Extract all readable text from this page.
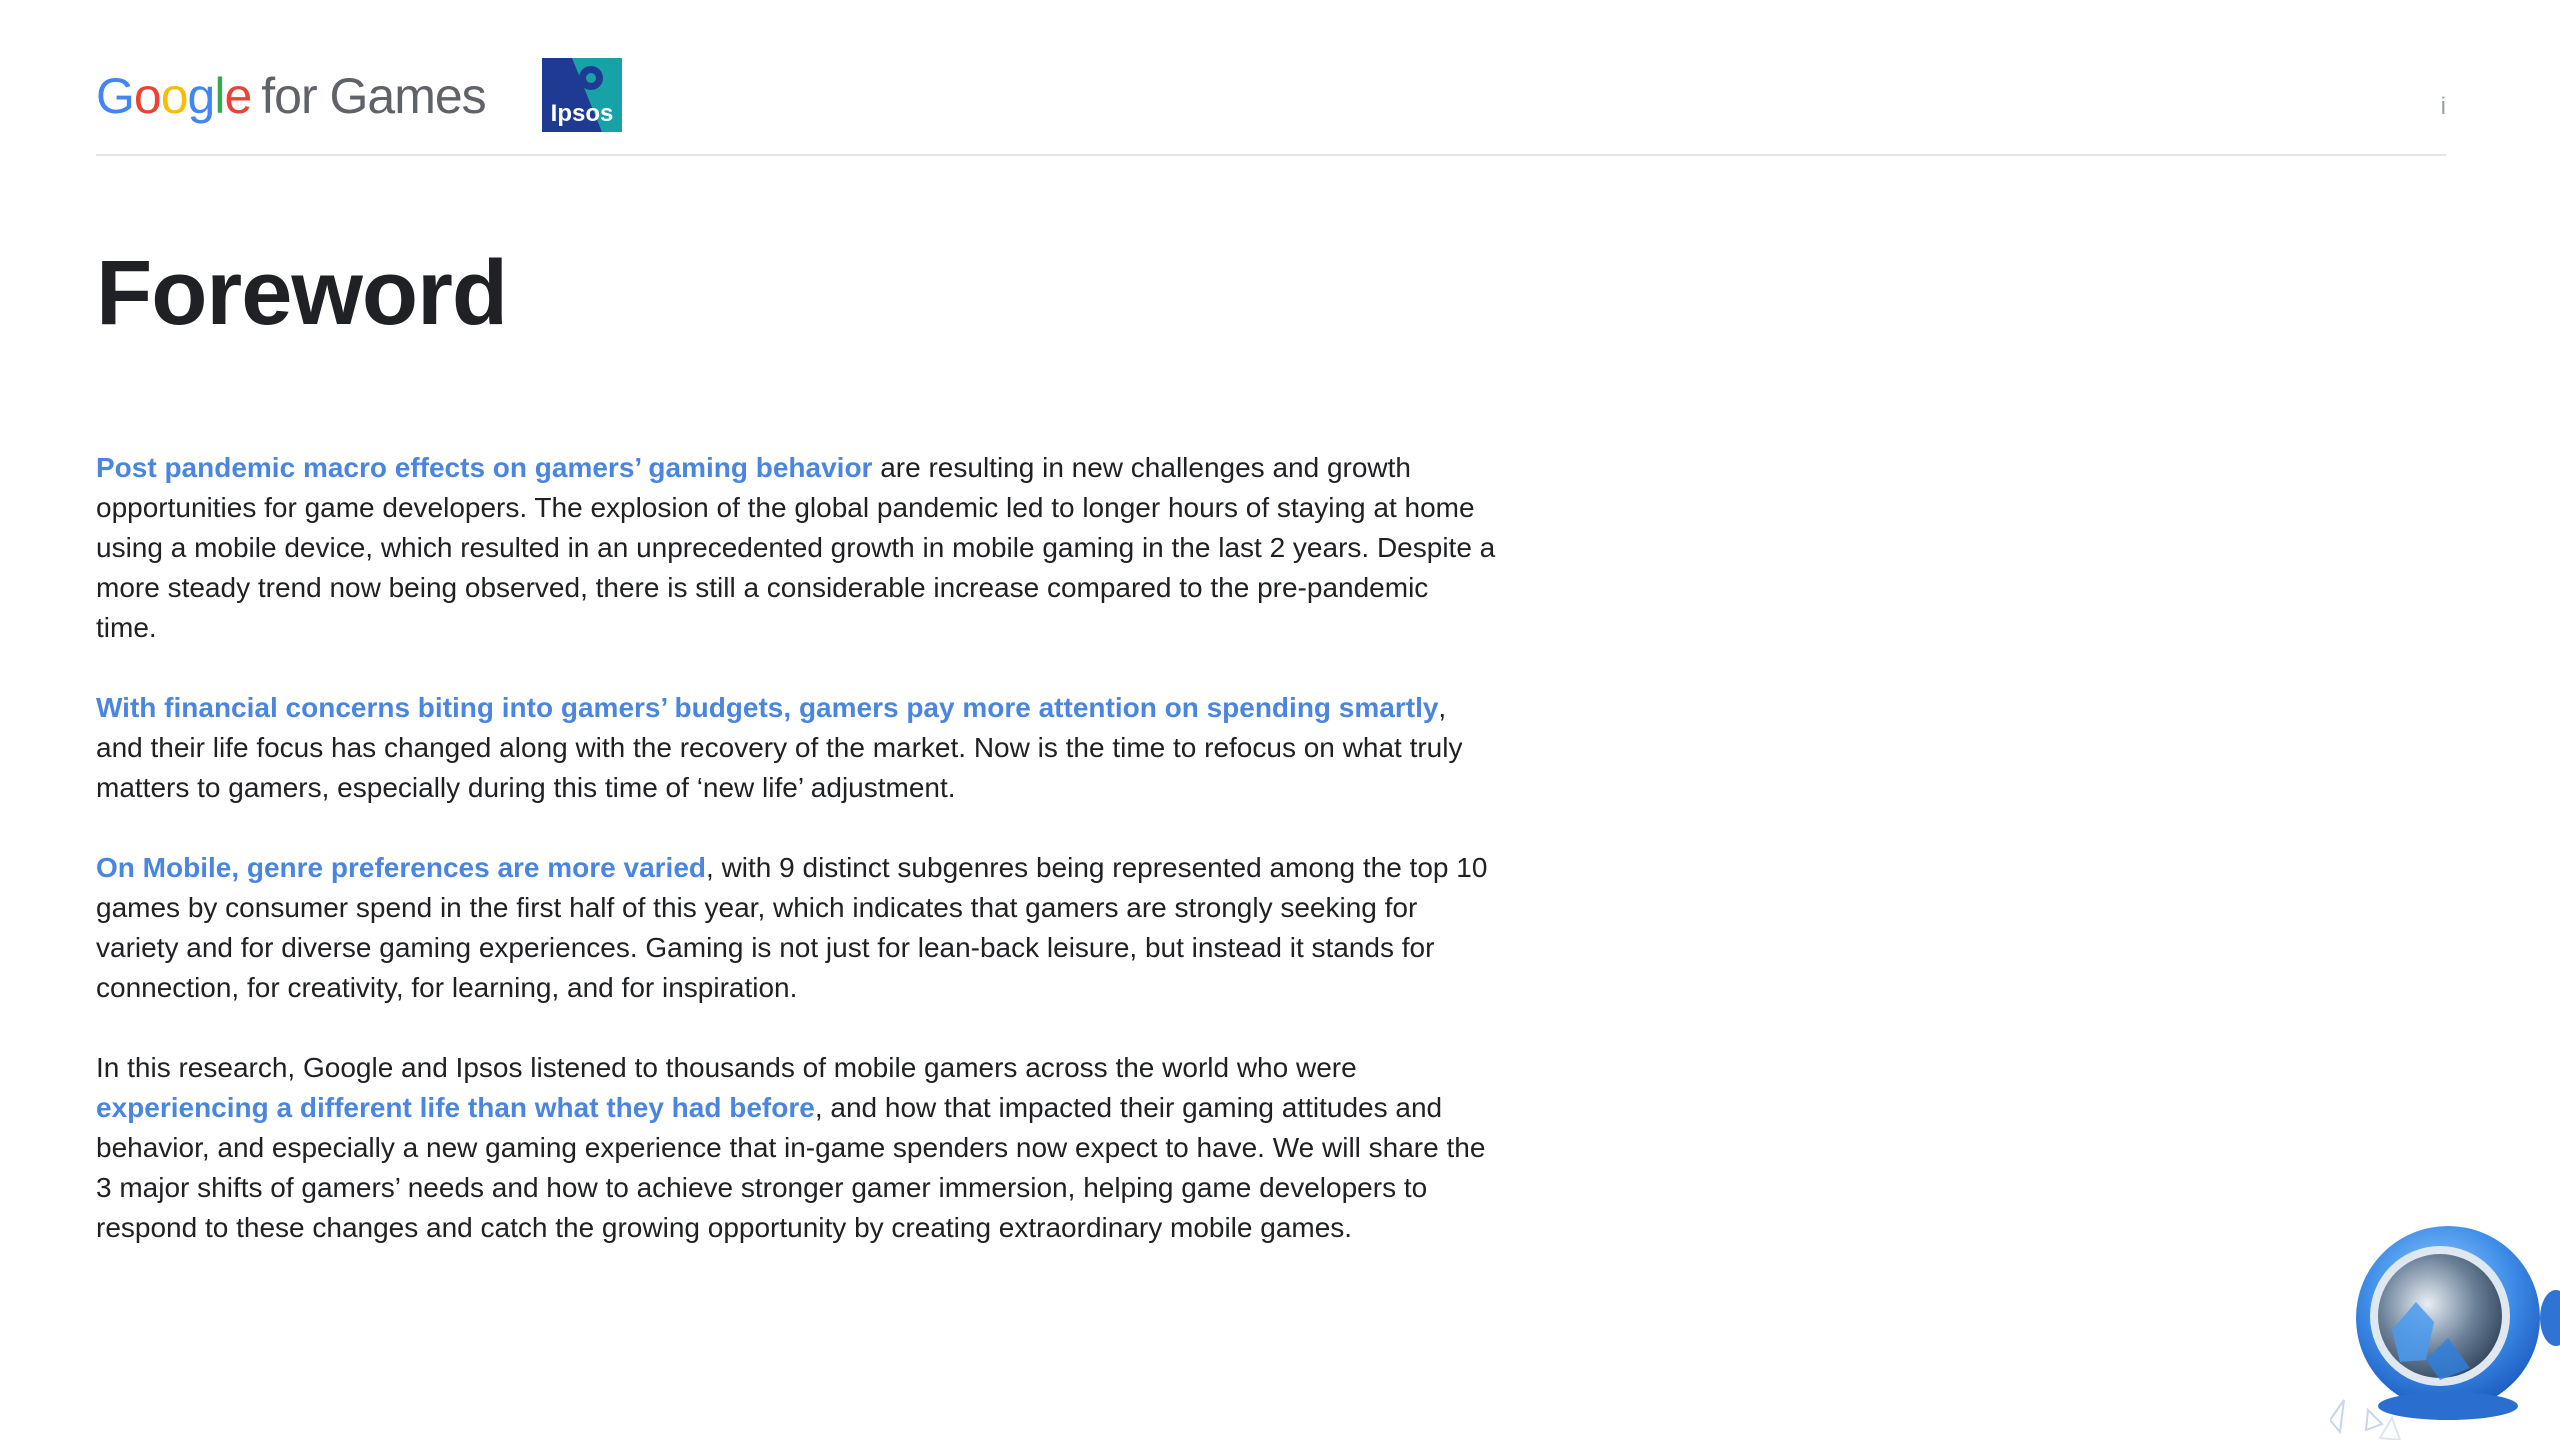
Google for Games	Ipsos	i
Foreword

Post pandemic macro effects on gamers’ gaming behavior are resulting in new challenges and growth opportunities for game developers. The explosion of the global pandemic led to longer hours of staying at home using a mobile device, which resulted in an unprecedented growth in mobile gaming in the last 2 years. Despite a more steady trend now being observed, there is still a considerable increase compared to the pre-pandemic time.

With financial concerns biting into gamers’ budgets, gamers pay more attention on spending smartly, and their life focus has changed along with the recovery of the market. Now is the time to refocus on what truly matters to gamers, especially during this time of ‘new life’ adjustment.

On Mobile, genre preferences are more varied, with 9 distinct subgenres being represented among the top 10 games by consumer spend in the first half of this year, which indicates that gamers are strongly seeking for variety and for diverse gaming experiences. Gaming is not just for lean-back leisure, but instead it stands for connection, for creativity, for learning, and for inspiration.

In this research, Google and Ipsos listened to thousands of mobile gamers across the world who were experiencing a different life than what they had before, and how that impacted their gaming attitudes and behavior, and especially a new gaming experience that in-game spenders now expect to have. We will share the 3 major shifts of gamers’ needs and how to achieve stronger gamer immersion, helping game developers to respond to these changes and catch the growing opportunity by creating extraordinary mobile games.
